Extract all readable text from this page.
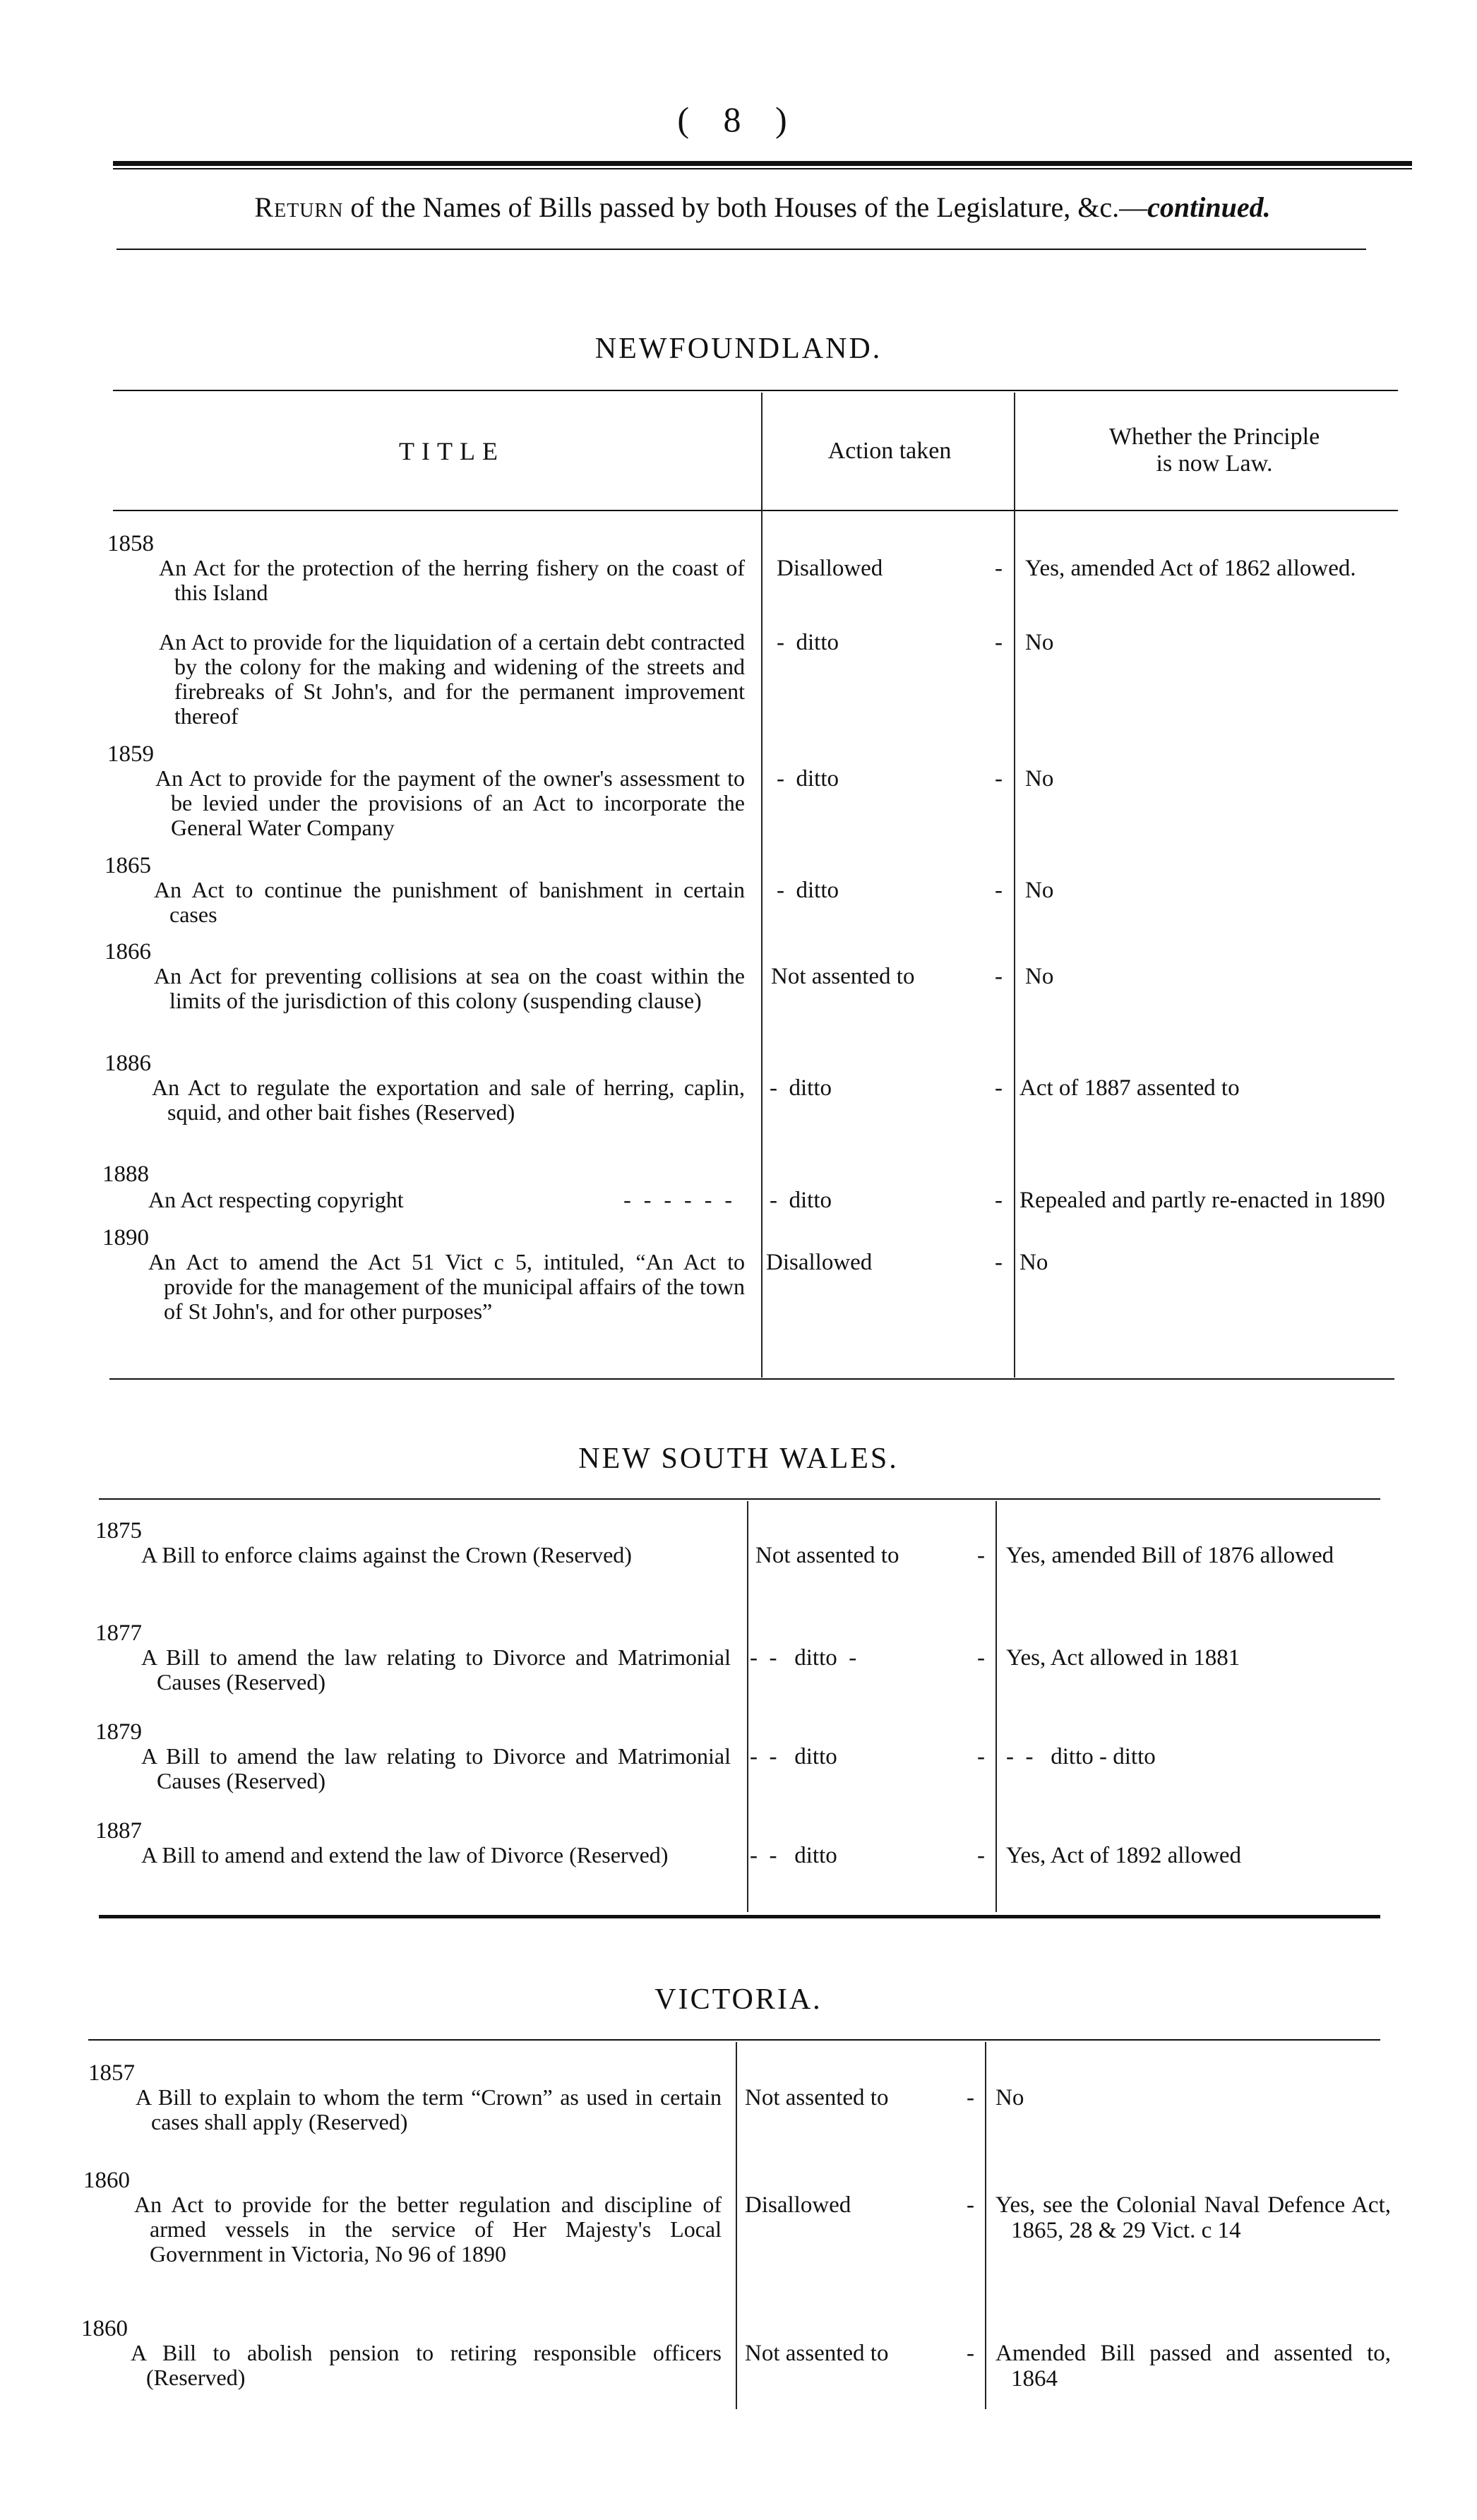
( 8 )
Return of the Names of Bills passed by both Houses of the Legislature, &c.—continued.
NEWFOUNDLAND.
TITLE	Action taken
Whether the Principle is now Law.
1858
An Act for the protection of the herring fishery on the coast of this Island
Disallowed	- Yes, amended Act of 1862 allowed.
An Act to provide for the liquidation of a certain debt contracted by the colony for the making and widening of the streets and firebreaks of St John's, and for the permanent improvement thereof
-  ditto	- No
1859
An Act to provide for the payment of the owner's assessment to be levied under the provisions of an Act to incorporate the General Water Company
-  ditto	- No
1865
An Act to continue the punishment of banishment in certain cases
-  ditto	- No
1866
An Act for preventing collisions at sea on the coast within the limits of the jurisdiction of this colony (suspending clause)
Not assented to	- No
1886
An Act to regulate the exportation and sale of herring, caplin, squid, and other bait fishes (Reserved)
-  ditto	- Act of 1887 assented to
1888
An Act respecting copyright	------ -  ditto	- Repealed and partly re-enacted in 1890
1890
An Act to amend the Act 51 Vict c 5, intituled, “An Act to provide for the management of the municipal affairs of the town of St John's, and for other purposes”
Disallowed	- No
NEW SOUTH WALES.
1875
A Bill to enforce claims against the Crown (Reserved)	Not assented to	- Yes, amended Bill of 1876 allowed
1877
A Bill to amend the law relating to Divorce and Matrimonial Causes (Reserved)
-  -   ditto  -	- Yes, Act allowed in 1881
1879
A Bill to amend the law relating to Divorce and Matrimonial Causes (Reserved)
-  -   ditto	- -  -   ditto - ditto
1887
A Bill to amend and extend the law of Divorce (Reserved)	-  -   ditto	- Yes, Act of 1892 allowed
VICTORIA.
1857
A Bill to explain to whom the term “Crown” as used in certain cases shall apply (Reserved)
Not assented to	- No
1860
An Act to provide for the better regulation and discipline of armed vessels in the service of Her Majesty's Local Government in Victoria, No 96 of 1890
Disallowed	- Yes, see the Colonial Naval Defence Act, 1865, 28 & 29 Vict. c 14
1860
A Bill to abolish pension to retiring responsible officers (Reserved)
Not assented to	- Amended Bill passed and assented to, 1864
